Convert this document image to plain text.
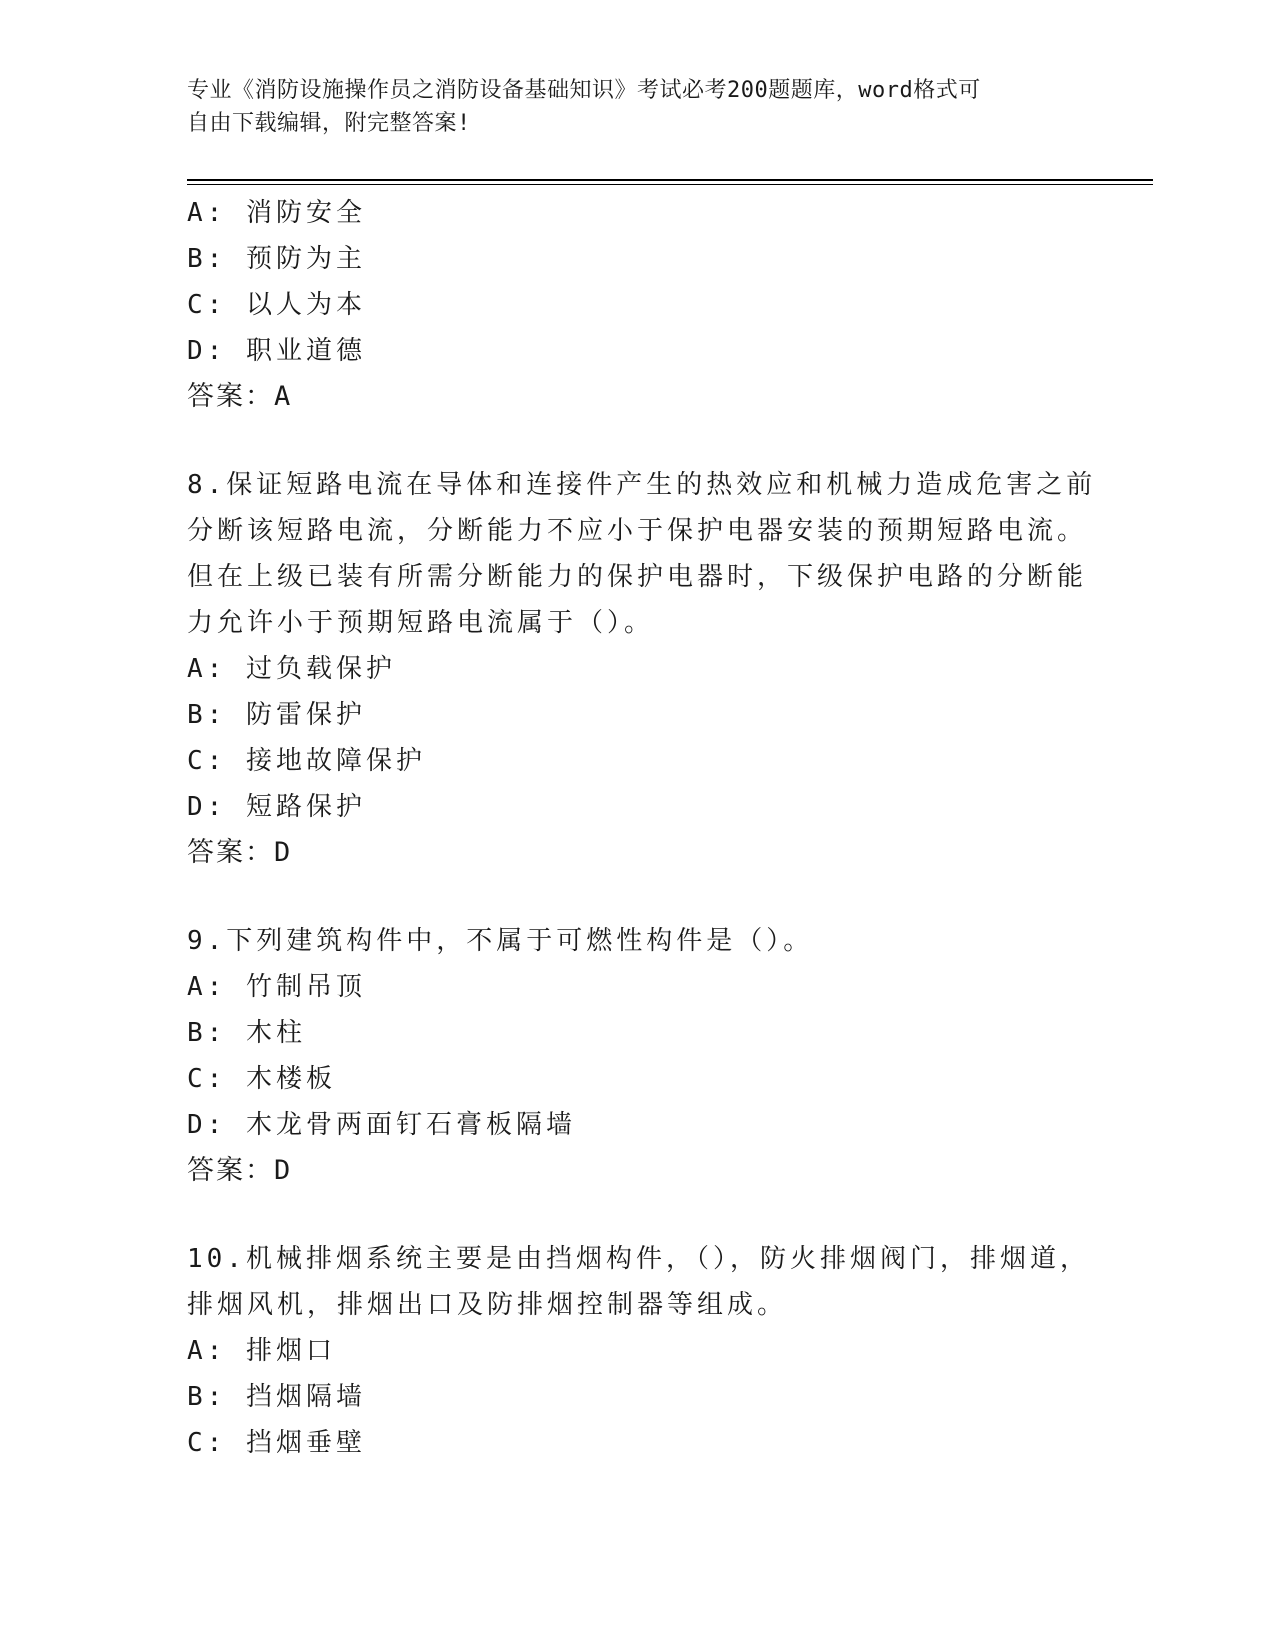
专业《消防设施操作员之消防设备基础知识》考试必考200题题库，word格式可
自由下载编辑，附完整答案!
A: 消防安全
B: 预防为主
C: 以人为本
D: 职业道德
答案：A
8.保证短路电流在导体和连接件产生的热效应和机械力造成危害之前
分断该短路电流，分断能力不应小于保护电器安装的预期短路电流。
但在上级已装有所需分断能力的保护电器时，下级保护电路的分断能
力允许小于预期短路电流属于（）。
A: 过负载保护
B: 防雷保护
C: 接地故障保护
D: 短路保护
答案：D
9.下列建筑构件中，不属于可燃性构件是（）。
A: 竹制吊顶
B: 木柱
C: 木楼板
D: 木龙骨两面钉石膏板隔墙
答案：D
10.机械排烟系统主要是由挡烟构件，（），防火排烟阀门，排烟道，
排烟风机，排烟出口及防排烟控制器等组成。
A: 排烟口
B: 挡烟隔墙
C: 挡烟垂壁
